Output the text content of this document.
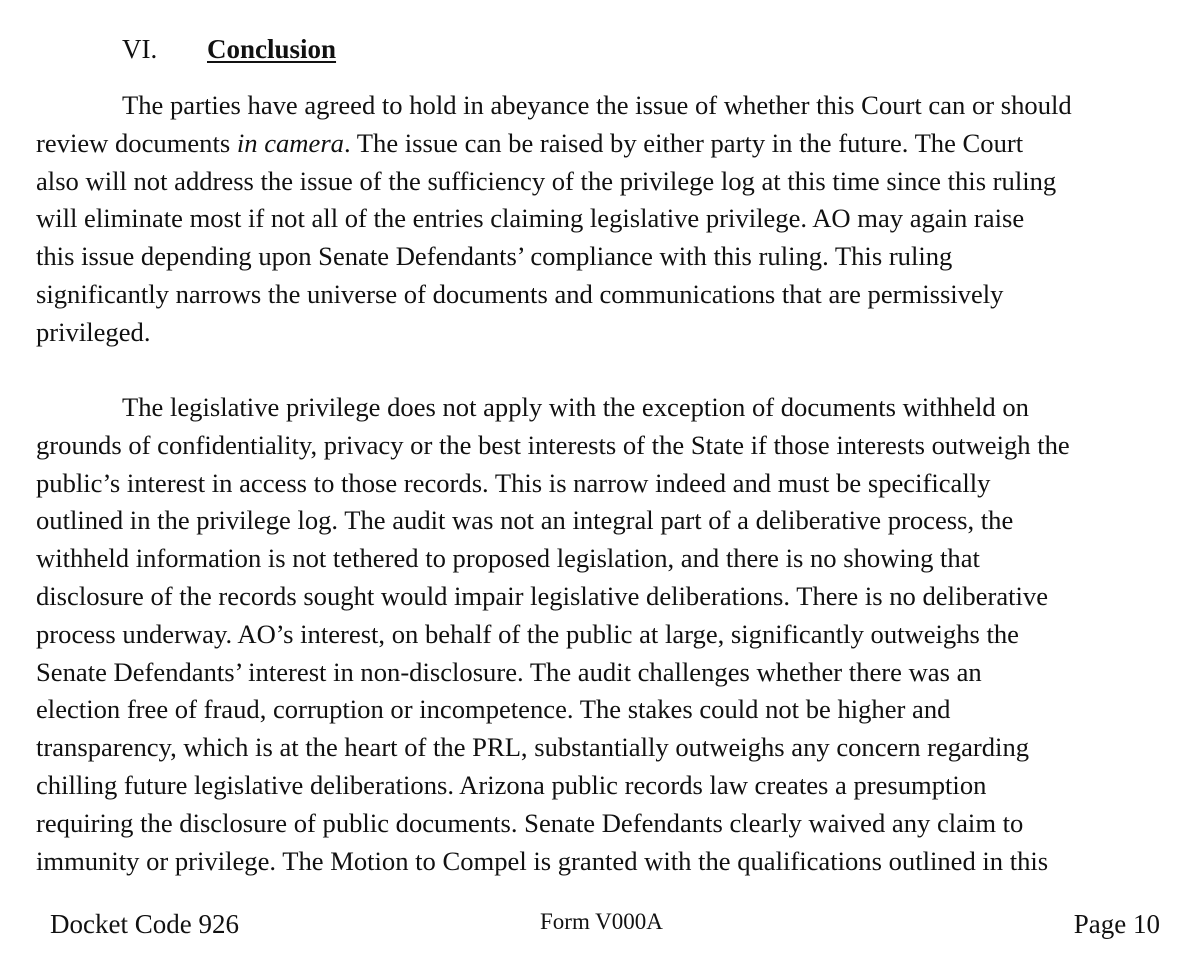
VI. Conclusion
The parties have agreed to hold in abeyance the issue of whether this Court can or should
review documents in camera. The issue can be raised by either party in the future. The Court
also will not address the issue of the sufficiency of the privilege log at this time since this ruling
will eliminate most if not all of the entries claiming legislative privilege. AO may again raise
this issue depending upon Senate Defendants’ compliance with this ruling. This ruling
significantly narrows the universe of documents and communications that are permissively
privileged.
The legislative privilege does not apply with the exception of documents withheld on
grounds of confidentiality, privacy or the best interests of the State if those interests outweigh the
public’s interest in access to those records. This is narrow indeed and must be specifically
outlined in the privilege log. The audit was not an integral part of a deliberative process, the
withheld information is not tethered to proposed legislation, and there is no showing that
disclosure of the records sought would impair legislative deliberations. There is no deliberative
process underway. AO’s interest, on behalf of the public at large, significantly outweighs the
Senate Defendants’ interest in non-disclosure. The audit challenges whether there was an
election free of fraud, corruption or incompetence. The stakes could not be higher and
transparency, which is at the heart of the PRL, substantially outweighs any concern regarding
chilling future legislative deliberations. Arizona public records law creates a presumption
requiring the disclosure of public documents. Senate Defendants clearly waived any claim to
immunity or privilege. The Motion to Compel is granted with the qualifications outlined in this
Docket Code 926	Form V000A	Page 10
